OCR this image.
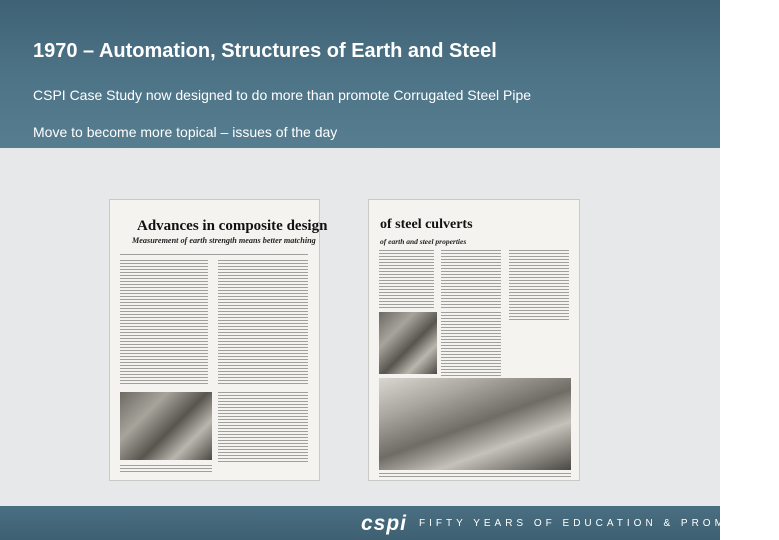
1970 – Automation, Structures of Earth and Steel
CSPI Case Study now designed to do more than promote Corrugated Steel Pipe
Move to become more topical – issues of the day
Advances in composite design
Measurement of earth strength means better matching
of steel culverts
of earth and steel properties
cspi FIFTY YEARS OF EDUCATION & PROMOTION
